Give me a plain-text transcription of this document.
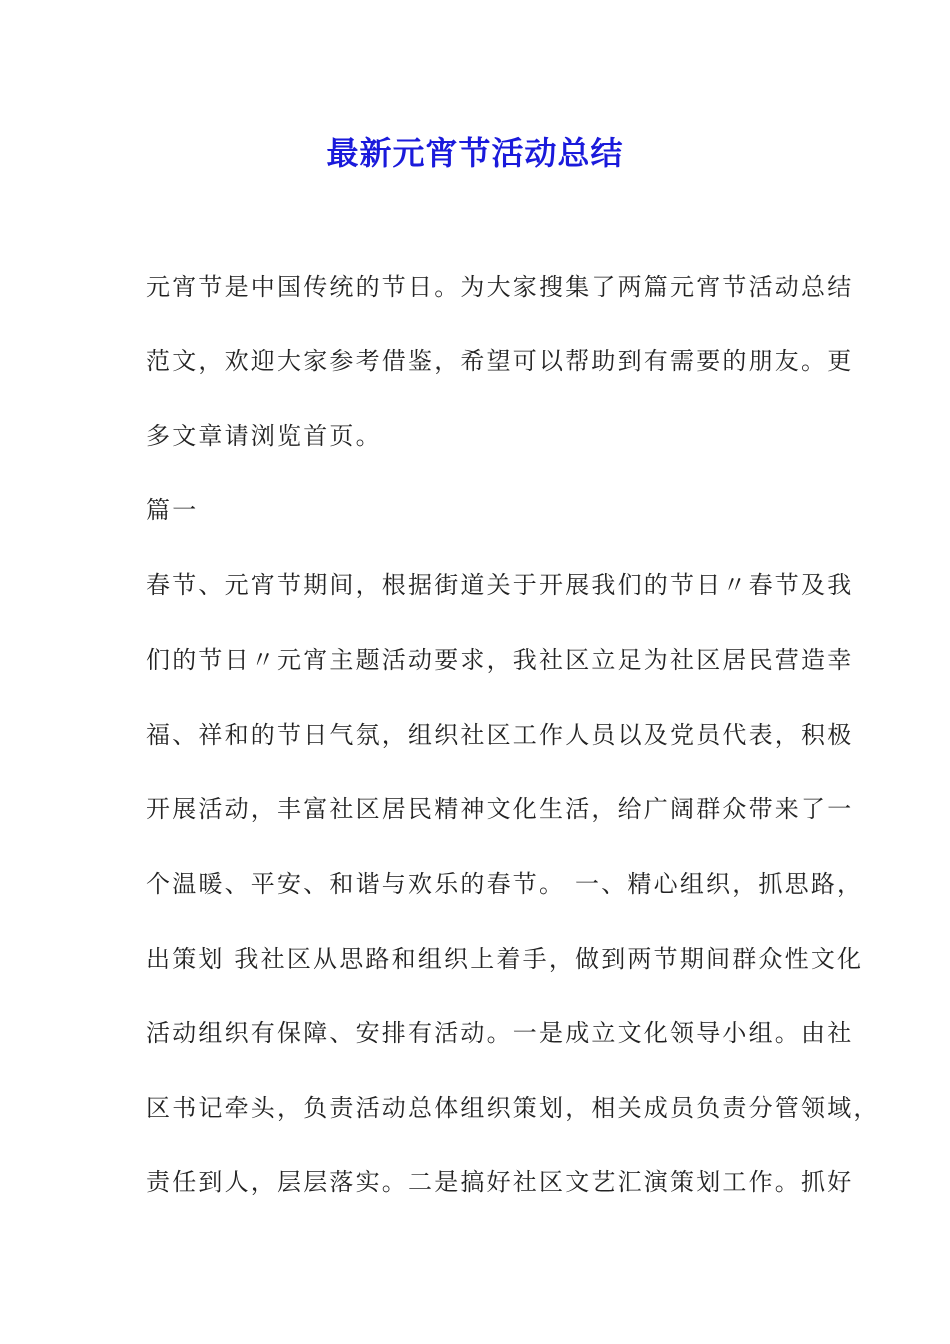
最新元宵节活动总结
元宵节是中国传统的节日。为大家搜集了两篇元宵节活动总结
范文，欢迎大家参考借鉴，希望可以帮助到有需要的朋友。更
多文章请浏览首页。
篇一
春节、元宵节期间，根据街道关于开展我们的节日〃春节及我
们的节日〃元宵主题活动要求，我社区立足为社区居民营造幸
福、祥和的节日气氛，组织社区工作人员以及党员代表，积极
开展活动，丰富社区居民精神文化生活，给广阔群众带来了一
个温暖、平安、和谐与欢乐的春节。 一、精心组织，抓思路，
出策划 我社区从思路和组织上着手，做到两节期间群众性文化
活动组织有保障、安排有活动。一是成立文化领导小组。由社
区书记牵头，负责活动总体组织策划，相关成员负责分管领域，
责任到人，层层落实。二是搞好社区文艺汇演策划工作。抓好
